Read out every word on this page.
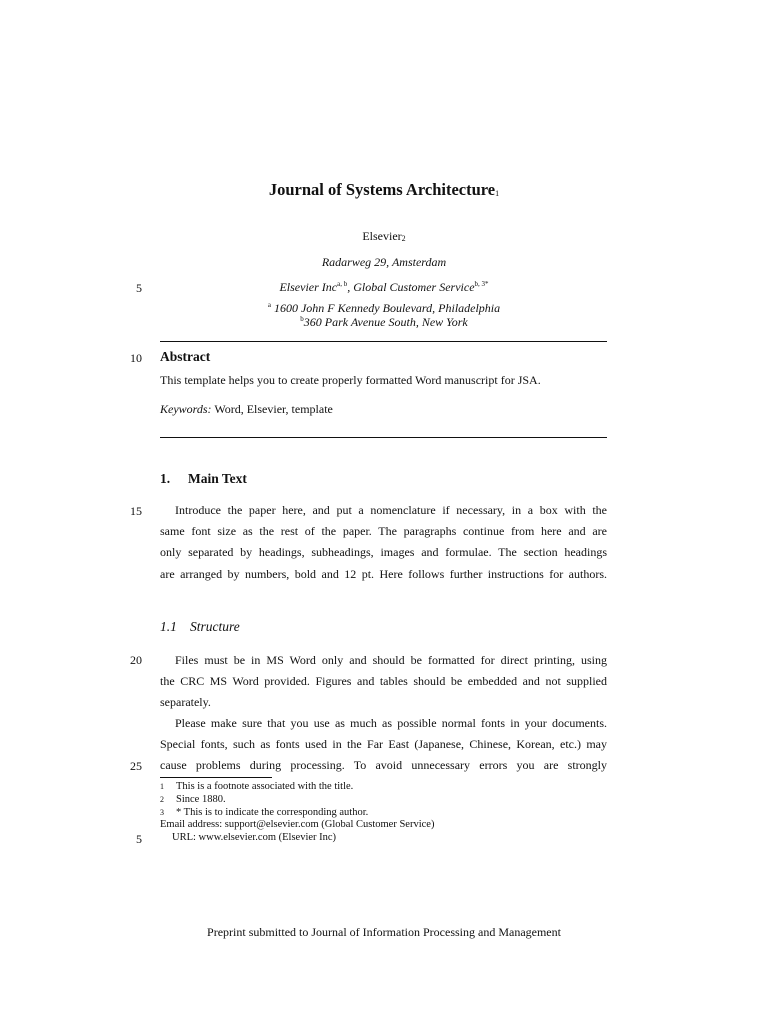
Journal of Systems Architecture$^1$
Elsevier$^2$
Radarweg 29, Amsterdam
Elsevier Inc$^{a, b}$, Global Customer Service$^{b, 3*}$
$^a$ 1600 John F Kennedy Boulevard, Philadelphia
$^b$360 Park Avenue South, New York
5
10
15
20
25
5
Abstract
This template helps you to create properly formatted Word manuscript for JSA.
Keywords: Word, Elsevier, template
1. Main Text
Introduce the paper here, and put a nomenclature if necessary, in a box with the
same font size as the rest of the paper. The paragraphs continue from here and are
only separated by headings, subheadings, images and formulae. The section headings
are arranged by numbers, bold and 12 pt. Here follows further instructions for authors.
1.1 Structure
Files must be in MS Word only and should be formatted for direct printing, using
the CRC MS Word provided. Figures and tables should be embedded and not supplied
separately.
Please make sure that you use as much as possible normal fonts in your documents.
Special fonts, such as fonts used in the Far East (Japanese, Chinese, Korean, etc.) may
cause problems during processing. To avoid unnecessary errors you are strongly
1 This is a footnote associated with the title.
2 Since 1880.
3 * This is to indicate the corresponding author.
Email address: support@elsevier.com (Global Customer Service)
URL: www.elsevier.com (Elsevier Inc)
Preprint submitted to Journal of Information Processing and Management
